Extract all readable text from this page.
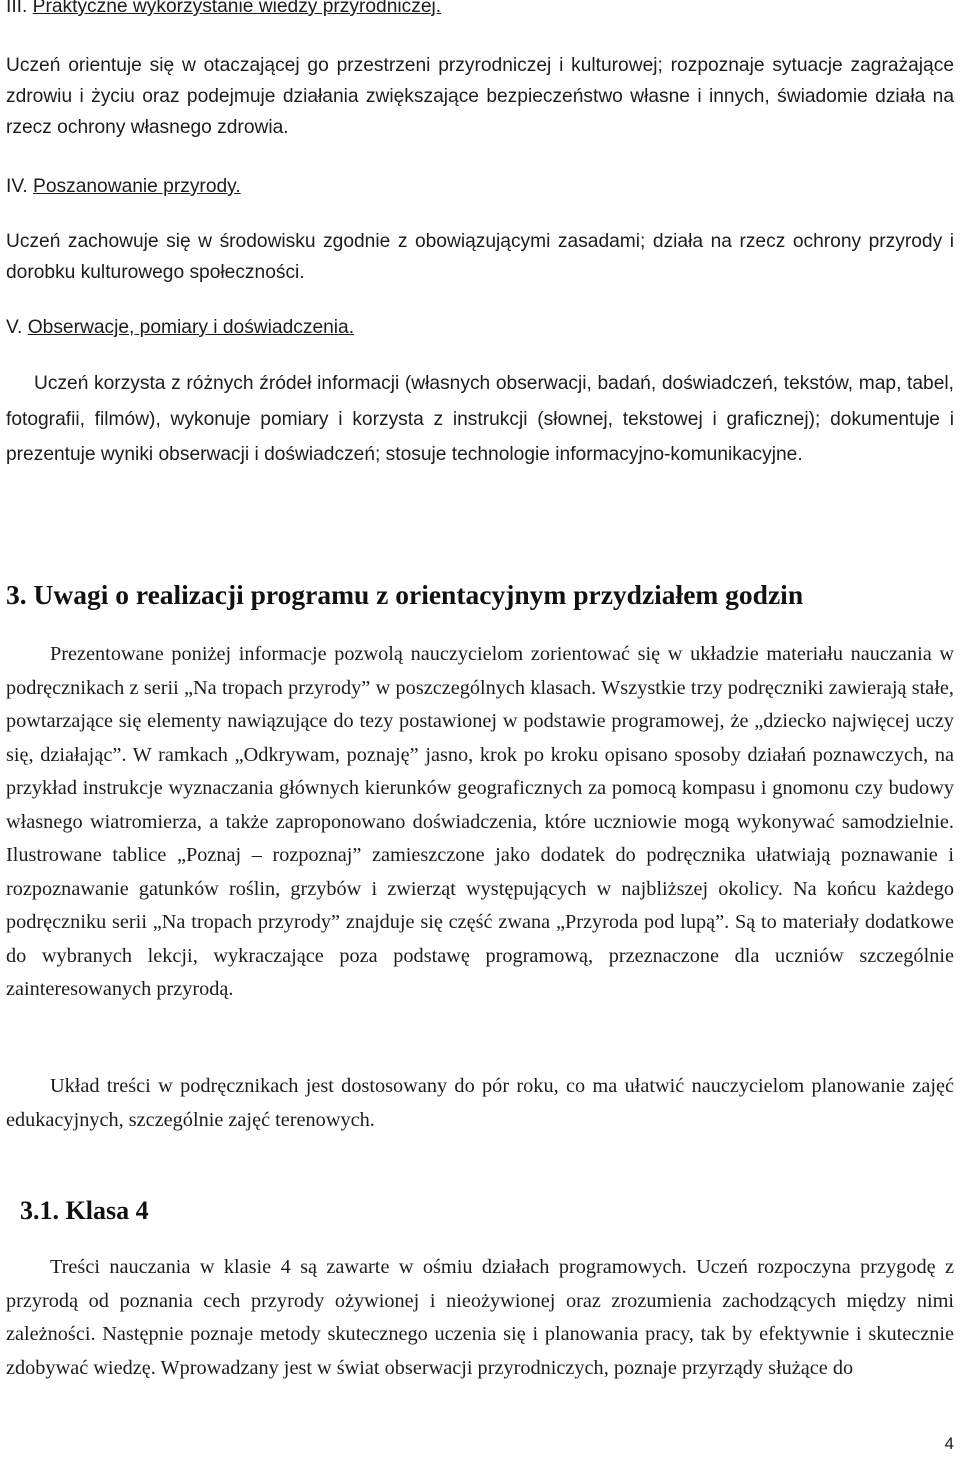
III. Praktyczne wykorzystanie wiedzy przyrodniczej.

Uczeń orientuje się w otaczającej go przestrzeni przyrodniczej i kulturowej; rozpoznaje sytuacje zagrażające zdrowiu i życiu oraz podejmuje działania zwiększające bezpieczeństwo własne i innych, świadomie działa na rzecz ochrony własnego zdrowia.

IV. Poszanowanie przyrody.

Uczeń zachowuje się w środowisku zgodnie z obowiązującymi zasadami; działa na rzecz ochrony przyrody i dorobku kulturowego społeczności.

V. Obserwacje, pomiary i doświadczenia.

Uczeń korzysta z różnych źródeł informacji (własnych obserwacji, badań, doświadczeń, tekstów, map, tabel, fotografii, filmów), wykonuje pomiary i korzysta z instrukcji (słownej, tekstowej i graficznej); dokumentuje i prezentuje wyniki obserwacji i doświadczeń; stosuje technologie informacyjno-komunikacyjne.

3. Uwagi o realizacji programu z orientacyjnym przydziałem godzin

Prezentowane poniżej informacje pozwolą nauczycielom zorientować się w układzie materiału nauczania w podręcznikach z serii „Na tropach przyrody” w poszczególnych klasach. Wszystkie trzy podręczniki zawierają stałe, powtarzające się elementy nawiązujące do tezy postawionej w podstawie programowej, że „dziecko najwięcej uczy się, działając”. W ramkach „Odkrywam, poznaję” jasno, krok po kroku opisano sposoby działań poznawczych, na przykład instrukcje wyznaczania głównych kierunków geograficznych za pomocą kompasu i gnomonu czy budowy własnego wiatromierza, a także zaproponowano doświadczenia, które uczniowie mogą wykonywać samodzielnie. Ilustrowane tablice „Poznaj – rozpoznaj” zamieszczone jako dodatek do podręcznika ułatwiają poznawanie i rozpoznawanie gatunków roślin, grzybów i zwierząt występujących w najbliższej okolicy. Na końcu każdego podręczniku serii „Na tropach przyrody” znajduje się część zwana „Przyroda pod lupą”. Są to materiały dodatkowe do wybranych lekcji, wykraczające poza podstawę programową, przeznaczone dla uczniów szczególnie zainteresowanych przyrodą.

Układ treści w podręcznikach jest dostosowany do pór roku, co ma ułatwić nauczycielom planowanie zajęć edukacyjnych, szczególnie zajęć terenowych.

3.1. Klasa 4

Treści nauczania w klasie 4 są zawarte w ośmiu działach programowych. Uczeń rozpoczyna przygodę z przyrodą od poznania cech przyrody ożywionej i nieożywionej oraz zrozumienia zachodzących między nimi zależności. Następnie poznaje metody skutecznego uczenia się i planowania pracy, tak by efektywnie i skutecznie zdobywać wiedzę. Wprowadzany jest w świat obserwacji przyrodniczych, poznaje przyrządy służące do

4
